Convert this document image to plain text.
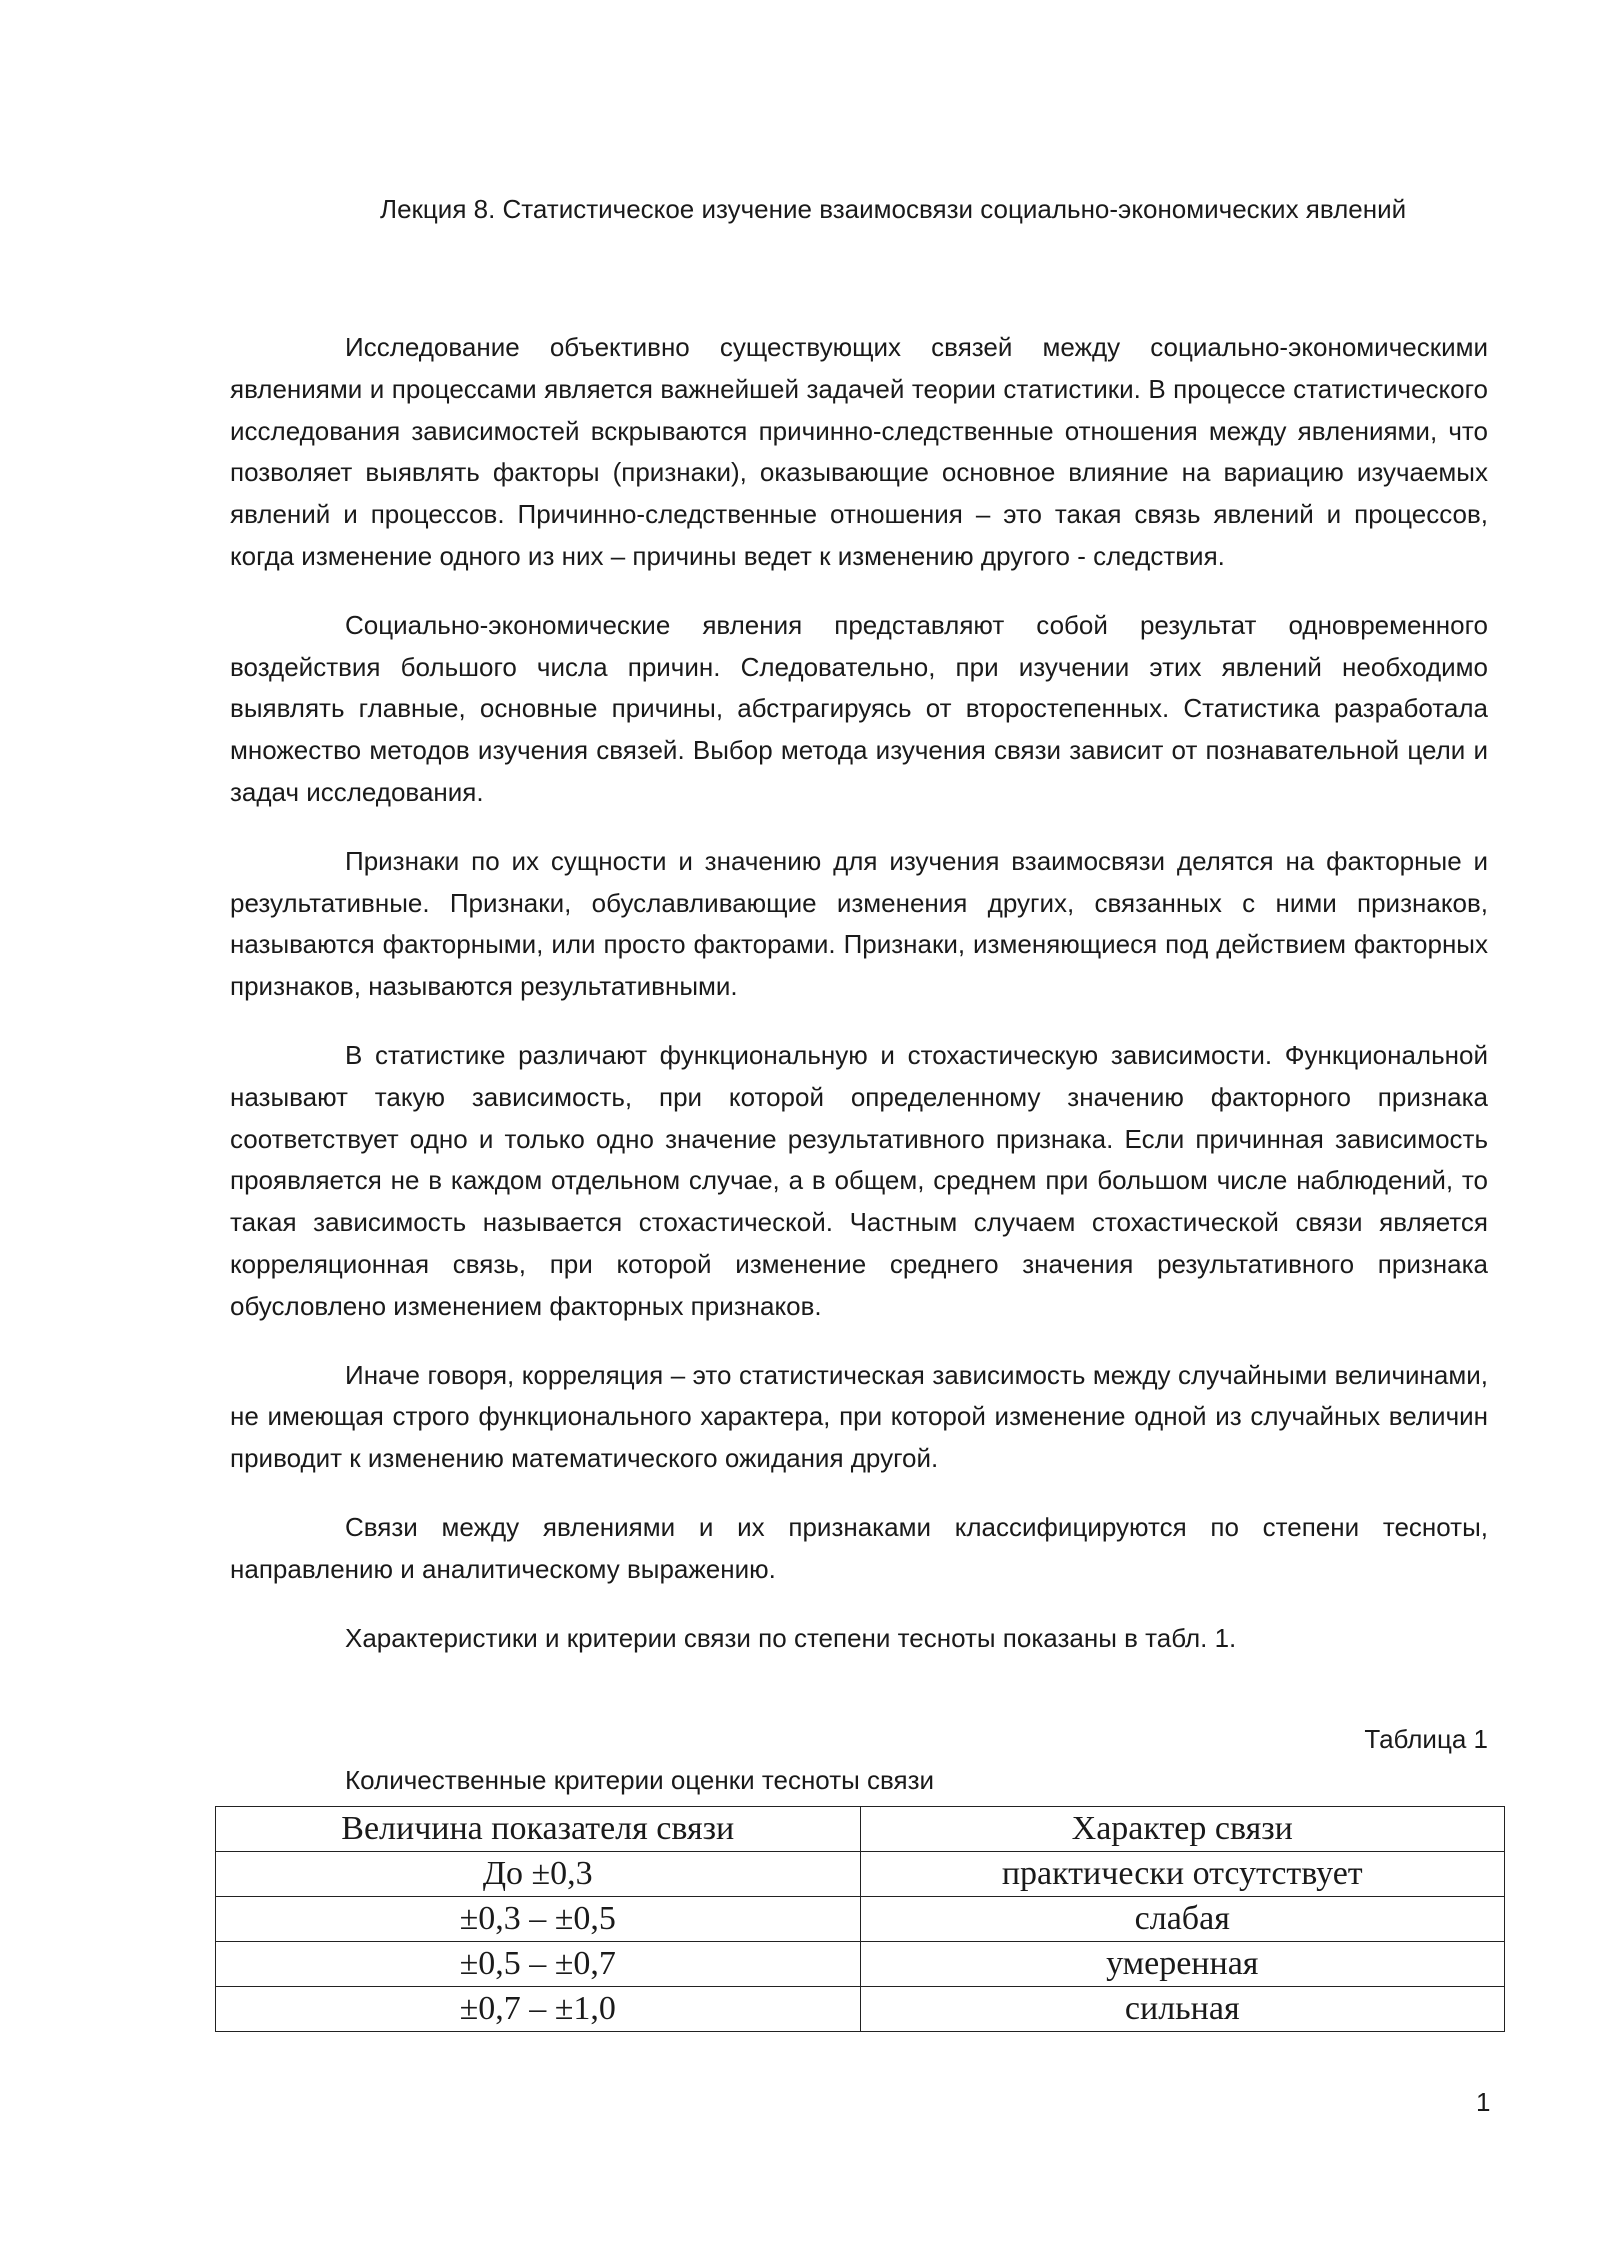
Лекция 8. Статистическое изучение взаимосвязи социально-экономических явлений

Исследование объективно существующих связей между социально-экономическими явлениями и процессами является важнейшей задачей теории статистики. В процессе статистического исследования зависимостей вскрываются причинно-следственные отношения между явлениями, что позволяет выявлять факторы (признаки), оказывающие основное влияние на вариацию изучаемых явлений и процессов. Причинно-следственные отношения – это такая связь явлений и процессов, когда изменение одного из них – причины ведет к изменению другого - следствия.

Социально-экономические явления представляют собой результат одновременного воздействия большого числа причин. Следовательно, при изучении этих явлений необходимо выявлять главные, основные причины, абстрагируясь от второстепенных. Статистика разработала множество методов изучения связей. Выбор метода изучения связи зависит от познавательной цели и задач исследования.

Признаки по их сущности и значению для изучения взаимосвязи делятся на факторные и результативные. Признаки, обуславливающие изменения других, связанных с ними признаков, называются факторными, или просто факторами. Признаки, изменяющиеся под действием факторных признаков, называются результативными.

В статистике различают функциональную и стохастическую зависимости. Функциональной называют такую зависимость, при которой определенному значению факторного признака соответствует одно и только одно значение результативного признака. Если причинная зависимость проявляется не в каждом отдельном случае, а в общем, среднем при большом числе наблюдений, то такая зависимость называется стохастической. Частным случаем стохастической связи является корреляционная связь, при которой изменение среднего значения результативного признака обусловлено изменением факторных признаков.

Иначе говоря, корреляция – это статистическая зависимость между случайными величинами, не имеющая строго функционального характера, при которой изменение одной из случайных величин приводит к изменению математического ожидания другой.

Связи между явлениями и их признаками классифицируются по степени тесноты, направлению и аналитическому выражению.

Характеристики и критерии связи по степени тесноты показаны в табл. 1.

Таблица 1
Количественные критерии оценки тесноты связи
Величина показателя связи	Характер связи
До ±0,3	практически отсутствует
±0,3 – ±0,5	слабая
±0,5 – ±0,7	умеренная
±0,7 – ±1,0	сильная
1
